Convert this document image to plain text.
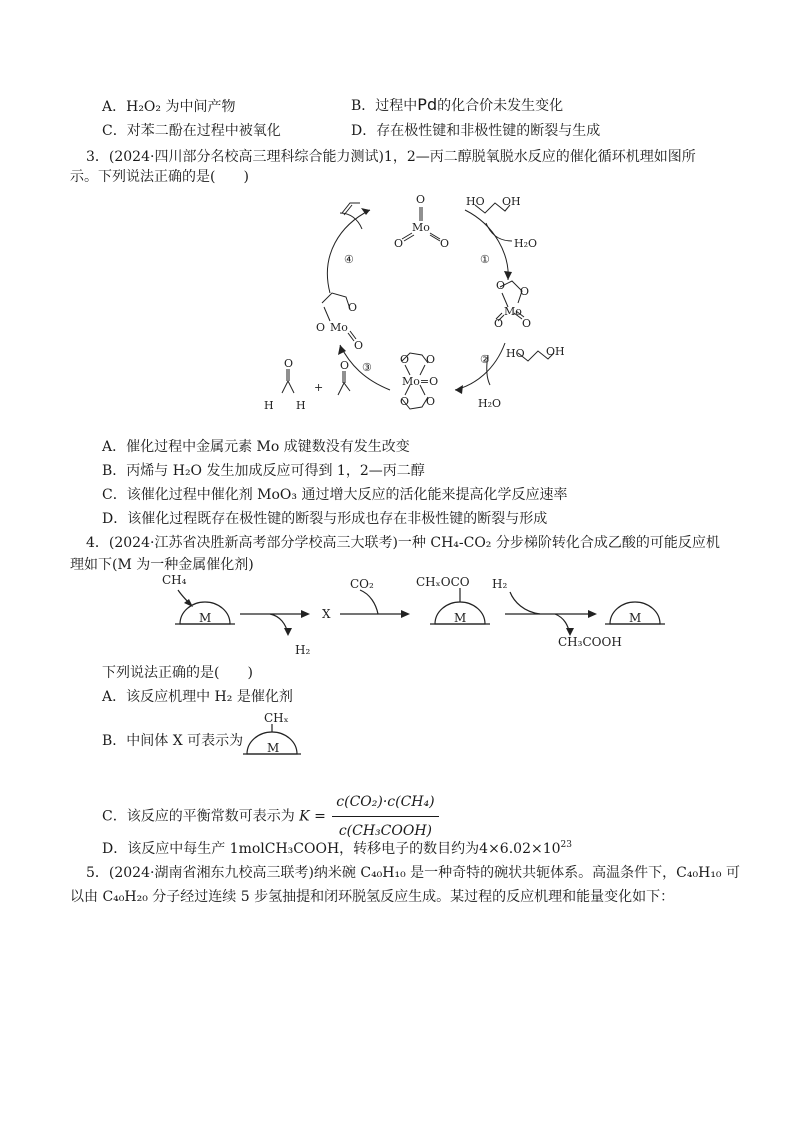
A．H₂O₂ 为中间产物	B．过程中Pd的化合价未发生变化
C．对苯二酚在过程中被氧化	D．存在极性键和非极性键的断裂与生成
3．(2024·四川部分名校高三理科综合能力测试)1，2—丙二醇脱氧脱水反应的催化循环机理如图所
示。下列说法正确的是(　　)
Mo
O
O	O
HO OH
H₂O
Mo
O O
O
O
HO OH
H₂O
Mo
O
O
O
Mo=O
O O
O O
O	O
H H
+
④	①
②
③
A．催化过程中金属元素 Mo 成键数没有发生改变
B．丙烯与 H₂O 发生加成反应可得到 1，2—丙二醇
C．该催化过程中催化剂 MoO₃ 通过增大反应的活化能来提高化学反应速率
D．该催化过程既存在极性键的断裂与形成也存在非极性键的断裂与形成
4．(2024·江苏省决胜新高考部分学校高三大联考)一种 CH₄-CO₂ 分步梯阶转化合成乙酸的可能反应机
理如下(M 为一种金属催化剂)
CH₄
M
H₂
X
CO₂	CHₓOCO
M
H₂
CH₃COOH
M
下列说法正确的是(　　)
A．该反应机理中 H₂ 是催化剂
B．中间体 X 可表示为
CHₓ
M
C．该反应的平衡常数可表示为 $K = \frac{\text{c(CO₂)·c(CH₄)}}{\text{c(CH₃COOH)}}$
D．该反应中每生产 1molCH₃COOH，转移电子的数目约为$4\times 6.02\times 10^{23}$
5．(2024·湖南省湘东九校高三联考)纳米碗 C₄₀H₁₀ 是一种奇特的碗状共轭体系。高温条件下，C₄₀H₁₀ 可
以由 C₄₀H₂₀ 分子经过连续 5 步氢抽提和闭环脱氢反应生成。某过程的反应机理和能量变化如下：
